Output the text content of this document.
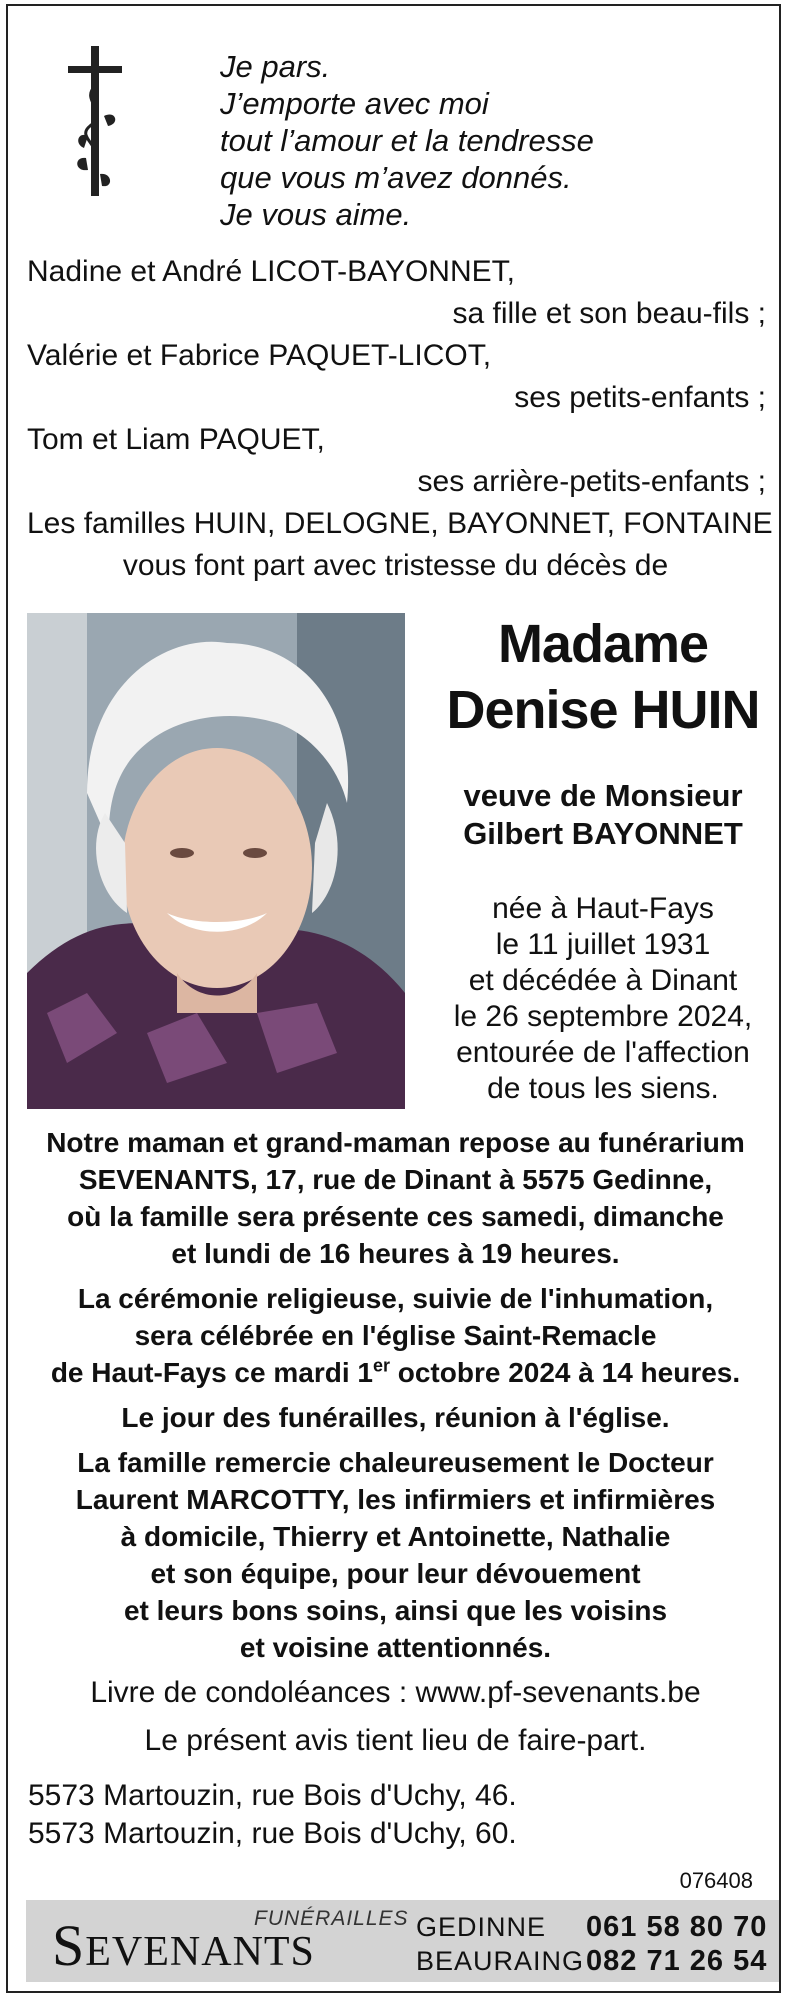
Je pars.
J’emporte avec moi
tout l’amour et la tendresse
que vous m’avez donnés.
Je vous aime.
Nadine et André LICOT-BAYONNET,
sa fille et son beau-fils ;
Valérie et Fabrice PAQUET-LICOT,
ses petits-enfants ;
Tom et Liam PAQUET,
ses arrière-petits-enfants ;
Les familles HUIN, DELOGNE, BAYONNET, FONTAINE
vous font part avec tristesse du décès de
Madame
Denise HUIN
veuve de Monsieur
Gilbert BAYONNET
née à Haut-Fays
le 11 juillet 1931
et décédée à Dinant
le 26 septembre 2024,
entourée de l'affection
de tous les siens.

Notre maman et grand-maman repose au funérarium
SEVENANTS, 17, rue de Dinant à 5575 Gedinne,
où la famille sera présente ces samedi, dimanche
et lundi de 16 heures à 19 heures.

La cérémonie religieuse, suivie de l'inhumation,
sera célébrée en l'église Saint-Remacle
de Haut-Fays ce mardi 1er octobre 2024 à 14 heures.

Le jour des funérailles, réunion à l'église.

La famille remercie chaleureusement le Docteur
Laurent MARCOTTY, les infirmiers et infirmières
à domicile, Thierry et Antoinette, Nathalie
et son équipe, pour leur dévouement
et leurs bons soins, ainsi que les voisins
et voisine attentionnés.

Livre de condoléances : www.pf-sevenants.be
Le présent avis tient lieu de faire-part.
5573 Martouzin, rue Bois d'Uchy, 46.
5573 Martouzin, rue Bois d'Uchy, 60.
076408
FUNÉRAILLES
SEVENANTS
GEDINNE 061 58 80 70
BEAURAING 082 71 26 54
